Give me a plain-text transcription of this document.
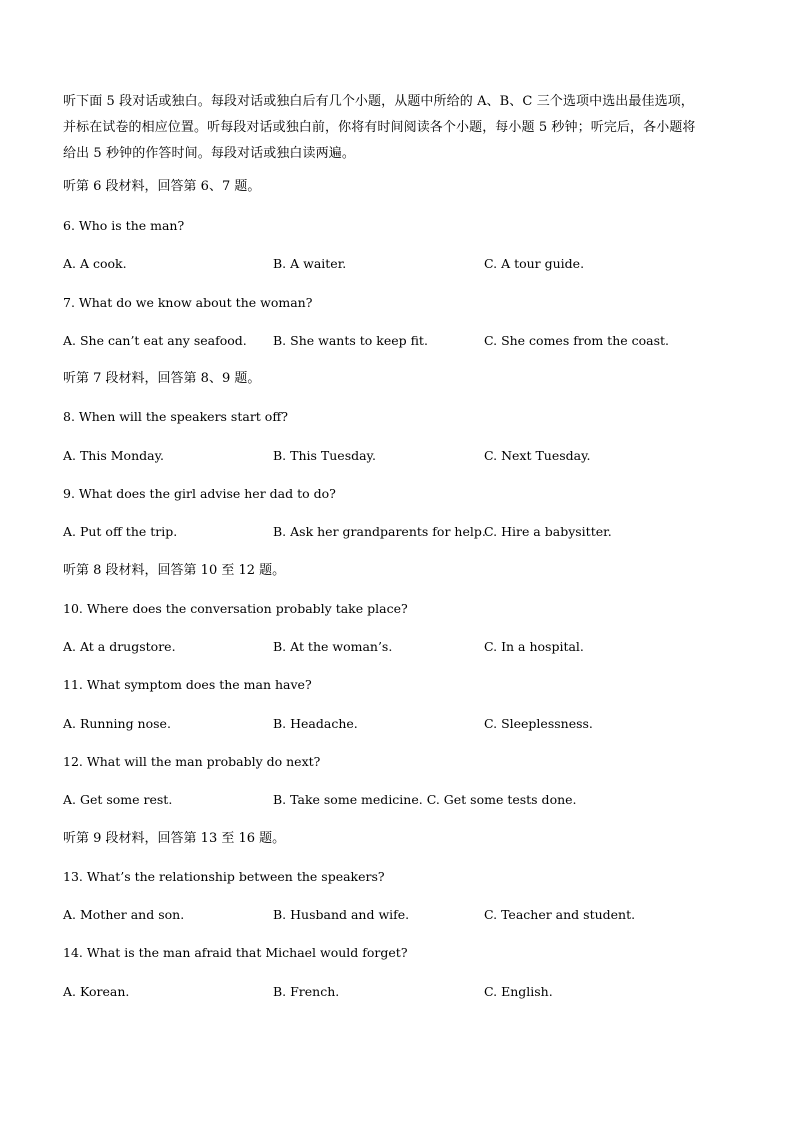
听下面 5 段对话或独白。每段对话或独白后有几个小题，从题中所给的 A、B、C 三个选项中选出最佳选项，

并标在试卷的相应位置。听每段对话或独白前，你将有时间阅读各个小题，每小题 5 秒钟；听完后，各小题将

给出 5 秒钟的作答时间。每段对话或独白读两遍。

听第 6 段材料，回答第 6、7 题。
6. Who is the man?
A. A cook.	B. A waiter.	C. A tour guide.
7. What do we know about the woman?
A. She can’t eat any seafood. B. She wants to keep fit.	C. She comes from the coast.
听第 7 段材料，回答第 8、9 题。
8. When will the speakers start off?
A. This Monday.	B. This Tuesday.	C. Next Tuesday.
9. What does the girl advise her dad to do?
A. Put off the trip.	B. Ask her grandparents for help.
C. Hire a babysitter.
听第 8 段材料，回答第 10 至 12 题。
10. Where does the conversation probably take place?
A. At a drugstore.	B. At the woman’s.	C. In a hospital.
11. What symptom does the man have?
A. Running nose.	B. Headache.	C. Sleeplessness.
12. What will the man probably do next?
A. Get some rest.	B. Take some medicine. C. Get some tests done.
听第 9 段材料，回答第 13 至 16 题。
13. What’s the relationship between the speakers?
A. Mother and son.	B. Husband and wife.	C. Teacher and student.
14. What is the man afraid that Michael would forget?
A. Korean.	B. French.	C. English.
